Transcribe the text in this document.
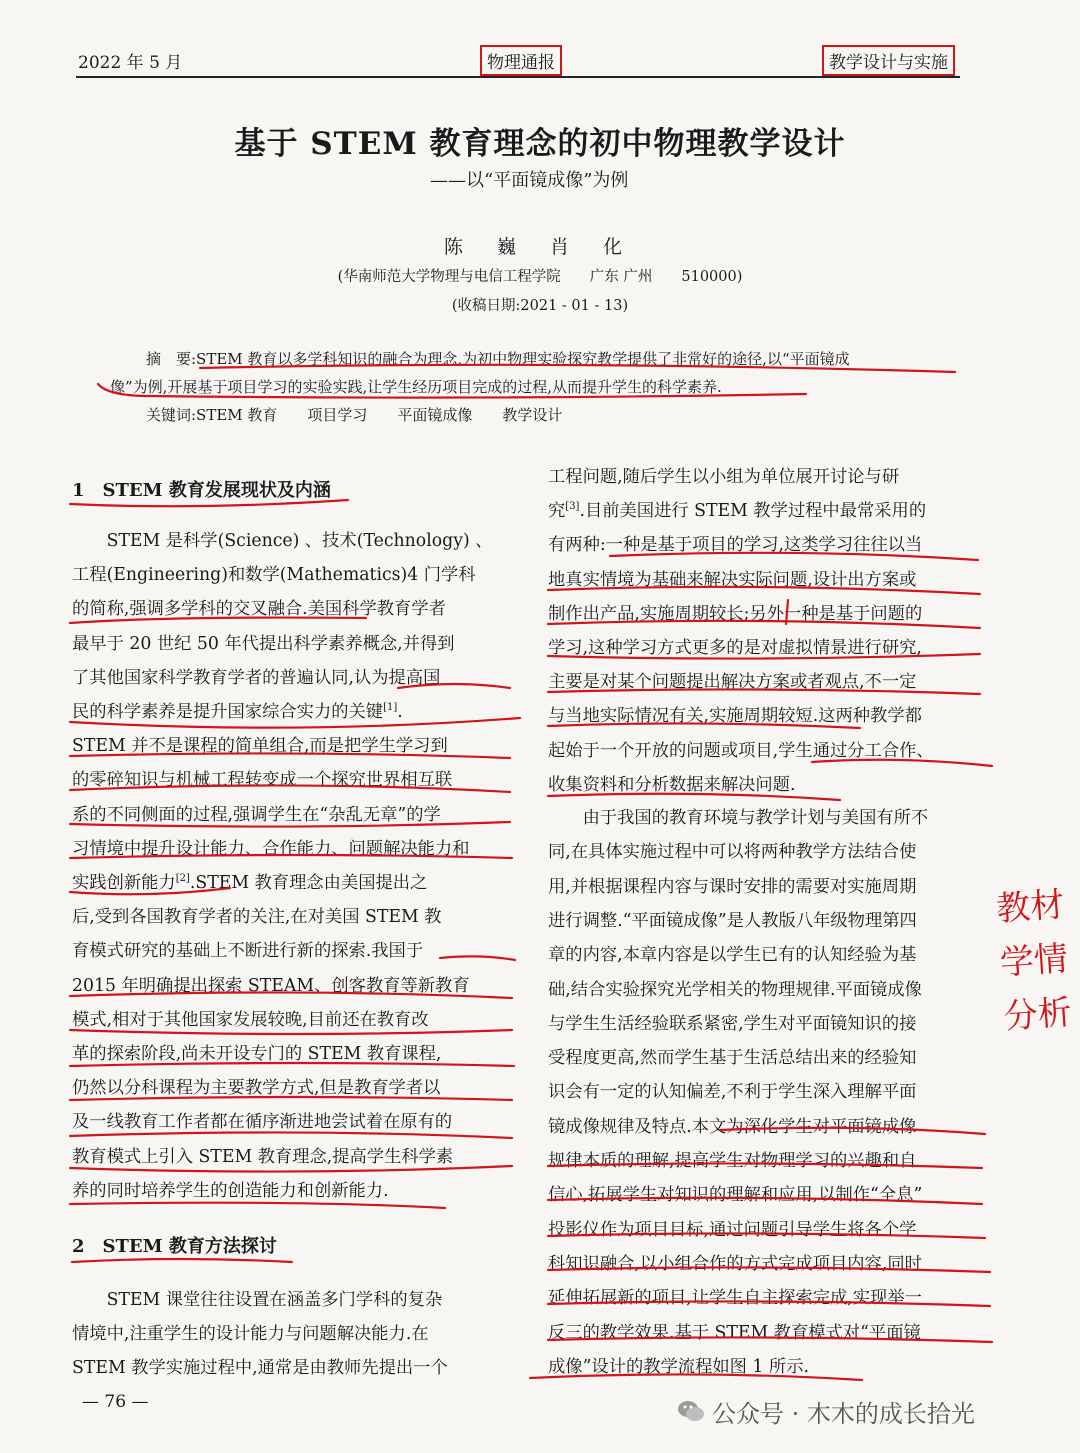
2022 年 5 月	物理通报	教学设计与实施
基于 STEM 教育理念的初中物理教学设计
——以“平面镜成像”为例
陈 巍 肖 化
(华南师范大学物理与电信工程学院　　广东 广州　　510000)
(收稿日期:2021 - 01 - 13)
摘　要:STEM 教育以多学科知识的融合为理念,为初中物理实验探究教学提供了非常好的途径,以“平面镜成
像”为例,开展基于项目学习的实验实践,让学生经历项目完成的过程,从而提升学生的科学素养.
关键词:STEM 教育　　项目学习　　平面镜成像　　教学设计
1　STEM 教育发展现状及内涵
　　STEM 是科学(Science) 、技术(Technology) 、
工程(Engineering)和数学(Mathematics)4 门学科
的简称,强调多学科的交叉融合.美国科学教育学者
最早于 20 世纪 50 年代提出科学素养概念,并得到
了其他国家科学教育学者的普遍认同,认为提高国
民的科学素养是提升国家综合实力的关键[1].
STEM 并不是课程的简单组合,而是把学生学习到
的零碎知识与机械工程转变成一个探究世界相互联
系的不同侧面的过程,强调学生在“杂乱无章”的学
习情境中提升设计能力、合作能力、问题解决能力和
实践创新能力[2].STEM 教育理念由美国提出之
后,受到各国教育学者的关注,在对美国 STEM 教
育模式研究的基础上不断进行新的探索.我国于
2015 年明确提出探索 STEAM、创客教育等新教育
模式,相对于其他国家发展较晚,目前还在教育改
革的探索阶段,尚未开设专门的 STEM 教育课程,
仍然以分科课程为主要教学方式,但是教育学者以
及一线教育工作者都在循序渐进地尝试着在原有的
教育模式上引入 STEM 教育理念,提高学生科学素
养的同时培养学生的创造能力和创新能力.
2　STEM 教育方法探讨
　　STEM 课堂往往设置在涵盖多门学科的复杂
情境中,注重学生的设计能力与问题解决能力.在
STEM 教学实施过程中,通常是由教师先提出一个
工程问题,随后学生以小组为单位展开讨论与研
究[3].目前美国进行 STEM 教学过程中最常采用的
有两种:一种是基于项目的学习,这类学习往往以当
地真实情境为基础来解决实际问题,设计出方案或
制作出产品,实施周期较长;另外一种是基于问题的
学习,这种学习方式更多的是对虚拟情景进行研究,
主要是对某个问题提出解决方案或者观点,不一定
与当地实际情况有关,实施周期较短.这两种教学都
起始于一个开放的问题或项目,学生通过分工合作、
收集资料和分析数据来解决问题.
　　由于我国的教育环境与教学计划与美国有所不
同,在具体实施过程中可以将两种教学方法结合使
用,并根据课程内容与课时安排的需要对实施周期
进行调整.“平面镜成像”是人教版八年级物理第四
章的内容,本章内容是以学生已有的认知经验为基
础,结合实验探究光学相关的物理规律.平面镜成像
与学生生活经验联系紧密,学生对平面镜知识的接
受程度更高,然而学生基于生活总结出来的经验知
识会有一定的认知偏差,不利于学生深入理解平面
镜成像规律及特点.本文为深化学生对平面镜成像
规律本质的理解,提高学生对物理学习的兴趣和自
信心,拓展学生对知识的理解和应用,以制作“全息”
投影仪作为项目目标,通过问题引导学生将各个学
科知识融合,以小组合作的方式完成项目内容,同时
延伸拓展新的项目,让学生自主探索完成,实现举一
反三的教学效果.基于 STEM 教育模式对“平面镜
成像”设计的教学流程如图 1 所示.
教材
学情
分析
— 76 —	公众号 · 木木的成长拾光
